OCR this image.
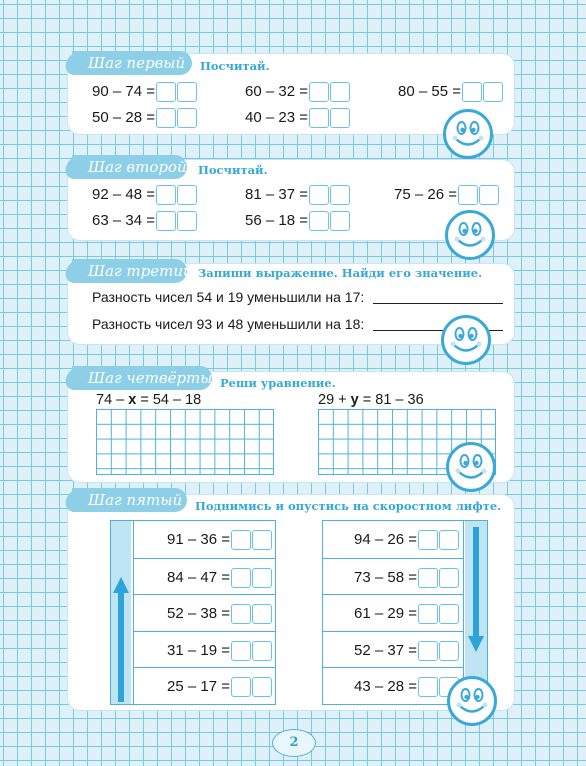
Шаг первый	Посчитай.
90 – 74 =	60 – 32 =	80 – 55 =
50 – 28 =	40 – 23 =
Шаг второй Посчитай.
92 – 48 =	81 – 37 =	75 – 26 =
63 – 34 =	56 – 18 =
Шаг третий Запиши выражение. Найди его значение.
Разность чисел 54 и 19 уменьшили на 17:
Разность чисел 93 и 48 уменьшили на 18:
Шаг четвёртый
Реши уравнение.
74 – x = 54 – 18	29 + y = 81 – 36
Шаг пятый	Поднимись и опустись на скоростном лифте.
91 – 36 =
84 – 47 =
52 – 38 =
31 – 19 =
25 – 17 =
94 – 26 =
73 – 58 =
61 – 29 =
52 – 37 =
43 – 28 =
2
